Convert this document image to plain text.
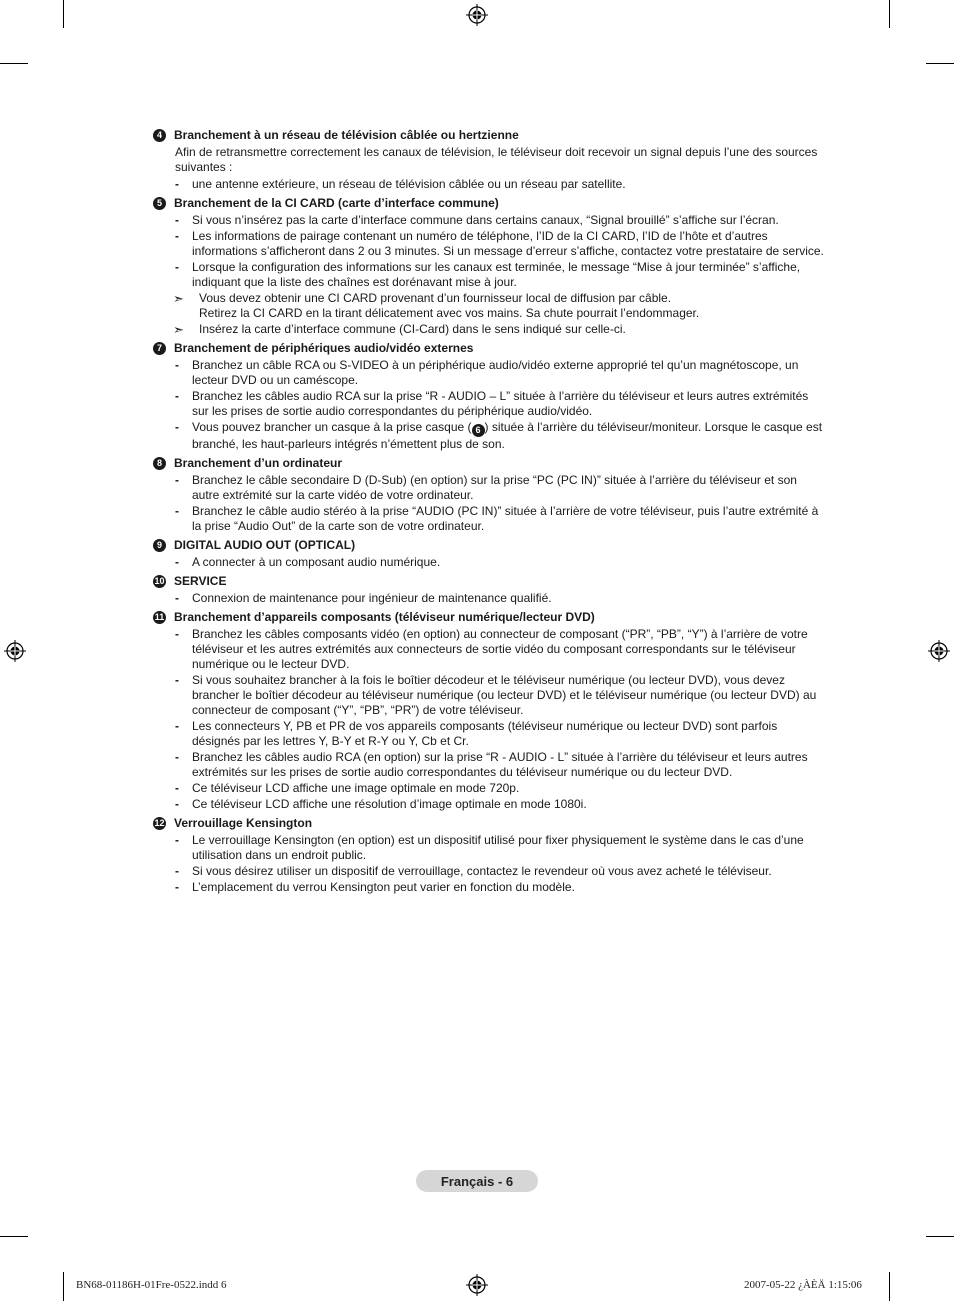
4	Branchement à un réseau de télévision câblée ou hertzienne
Afin de retransmettre correctement les canaux de télévision, le téléviseur doit recevoir un signal depuis l’une des sources suivantes :
-	une antenne extérieure, un réseau de télévision câblée ou un réseau par satellite.
5	Branchement de la CI CARD (carte d’interface commune)
-	Si vous n’insérez pas la carte d’interface commune dans certains canaux, “Signal brouillé” s’affiche sur l’écran.
-	Les informations de pairage contenant un numéro de téléphone, l’ID de la CI CARD, l’ID de l’hôte et d’autres informations s’afficheront dans 2 ou 3 minutes. Si un message d’erreur s’affiche, contactez votre prestataire de service.
-	Lorsque la configuration des informations sur les canaux est terminée, le message “Mise à jour terminée” s’affiche, indiquant que la liste des chaînes est dorénavant mise à jour.
➣	Vous devez obtenir une CI CARD provenant d’un fournisseur local de diffusion par câble.
Retirez la CI CARD en la tirant délicatement avec vos mains. Sa chute pourrait l’endommager.
➣	Insérez la carte d’interface commune (CI-Card) dans le sens indiqué sur celle-ci.
7	Branchement de périphériques audio/vidéo externes
-	Branchez un câble RCA ou S-VIDEO à un périphérique audio/vidéo externe approprié tel qu’un magnétoscope, un lecteur DVD ou un caméscope.
-	Branchez les câbles audio RCA sur la prise “R - AUDIO – L” située à l’arrière du téléviseur et leurs autres extrémités sur les prises de sortie audio correspondantes du périphérique audio/vidéo.
-	Vous pouvez brancher un casque à la prise casque ( 6 ) située à l’arrière du téléviseur/moniteur. Lorsque le casque est branché, les haut-parleurs intégrés n’émettent plus de son.
8	Branchement d’un ordinateur
-	Branchez le câble secondaire D (D-Sub) (en option) sur la prise “PC (PC IN)” située à l’arrière du téléviseur et son autre extrémité sur la carte vidéo de votre ordinateur.
-	Branchez le câble audio stéréo à la prise “AUDIO (PC IN)” située à l’arrière de votre téléviseur, puis l’autre extrémité à la prise “Audio Out” de la carte son de votre ordinateur.
9	DIGITAL AUDIO OUT (OPTICAL)
-	A connecter à un composant audio numérique.
10 SERVICE
-	Connexion de maintenance pour ingénieur de maintenance qualifié.
11 Branchement d’appareils composants (téléviseur numérique/lecteur DVD)
-	Branchez les câbles composants vidéo (en option) au connecteur de composant (“PR”, “PB”, “Y”) à l’arrière de votre téléviseur et les autres extrémités aux connecteurs de sortie vidéo du composant correspondants sur le téléviseur numérique ou le lecteur DVD.
-	Si vous souhaitez brancher à la fois le boîtier décodeur et le téléviseur numérique (ou lecteur DVD), vous devez brancher le boîtier décodeur au téléviseur numérique (ou lecteur DVD) et le téléviseur numérique (ou lecteur DVD) au connecteur de composant (“Y”, “PB”, “PR”) de votre téléviseur.
-	Les connecteurs Y, PB et PR de vos appareils composants (téléviseur numérique ou lecteur DVD) sont parfois désignés par les lettres Y, B-Y et R-Y ou Y, Cb et Cr.
-	Branchez les câbles audio RCA (en option) sur la prise “R - AUDIO - L” située à l’arrière du téléviseur et leurs autres extrémités sur les prises de sortie audio correspondantes du téléviseur numérique ou du lecteur DVD.
-	Ce téléviseur LCD affiche une image optimale en mode 720p.
-	Ce téléviseur LCD affiche une résolution d’image optimale en mode 1080i.
12 Verrouillage Kensington
-	Le verrouillage Kensington (en option) est un dispositif utilisé pour fixer physiquement le système dans le cas d’une utilisation dans un endroit public.
-	Si vous désirez utiliser un dispositif de verrouillage, contactez le revendeur où vous avez acheté le téléviseur.
-	L’emplacement du verrou Kensington peut varier en fonction du modèle.
Français - 6
BN68-01186H-01Fre-0522.indd 6	2007-05-22 ¿ÀÈÄ 1:15:06
